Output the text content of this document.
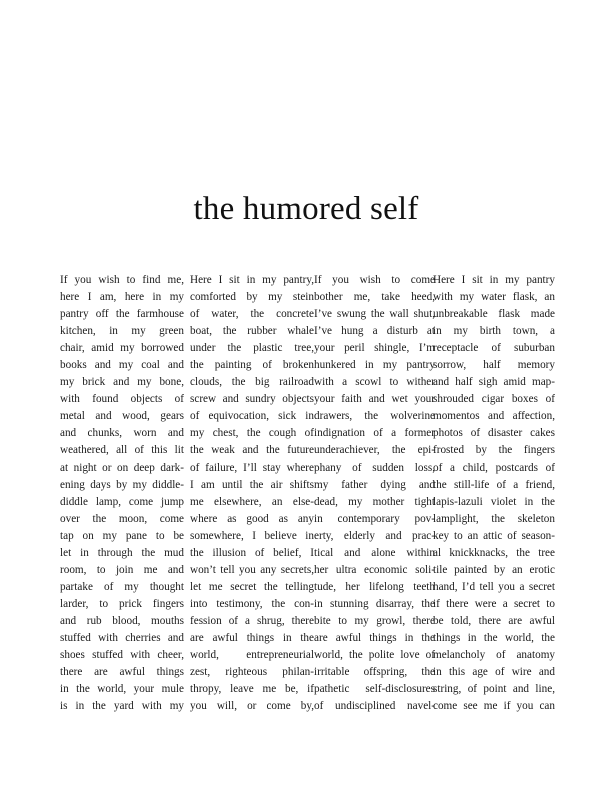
the humored self
If you wish to find me,
here I am, here in my
pantry off the farmhouse
kitchen, in my green
chair, amid my borrowed
books and my coal and
my brick and my bone,
with found objects of
metal and wood, gears
and chunks, worn and
weathered, all of this lit
at night or on deep dark-
ening days by my diddle-
diddle lamp, come jump
over the moon, come
tap on my pane to be
let in through the mud
room, to join me and
partake of my thought
larder, to prick fingers
and rub blood, mouths
stuffed with cherries and
shoes stuffed with cheer,
there are awful things
in the world, your mule
is in the yard with my
Here I sit in my pantry,
comforted by my stein
of water, the concrete
boat, the rubber whale
under the plastic tree,
the painting of broken
clouds, the big railroad
screw and sundry objects
of equivocation, sick in
my chest, the cough of
the weak and the future
of failure, I’ll stay where
I am until the air shifts
me elsewhere, an else-
where as good as any
somewhere, I believe in
the illusion of belief, I
won’t tell you any secrets,
let me secret the telling
into testimony, the con-
fession of a shrug, there
are awful things in the
world, entrepreneurial
zest, righteous philan-
thropy, leave me be, if
you will, or come by,
If you wish to come
bother me, take heed,
I’ve swung the wall shut,
I’ve hung a disturb at
your peril shingle, I’m
hunkered in my pantry
with a scowl to wither
your faith and wet your
drawers, the wolverine
indignation of a former
underachiever, the epi-
phany of sudden loss,
my father dying and
dead, my mother tight
in contemporary pov-
erty, elderly and prac-
tical and alone within
her ultra economic soli-
tude, her lifelong teeth
in stunning disarray, the
bite to my growl, there
are awful things in the
world, the polite love of
irritable offspring, the
pathetic self-disclosures
of undisciplined navel-
Here I sit in my pantry
with my water flask, an
unbreakable flask made
in my birth town, a
receptacle of suburban
sorrow, half memory
and half sigh amid map-
shrouded cigar boxes of
momentos and affection,
photos of disaster cakes
frosted by the fingers
of a child, postcards of
the still-life of a friend,
lapis-lazuli violet in the
lamplight, the skeleton
key to an attic of season-
al knickknacks, the tree
tile painted by an erotic
hand, I’d tell you a secret
if there were a secret to
be told, there are awful
things in the world, the
melancholy of anatomy
in this age of wire and
string, of point and line,
come see me if you can
